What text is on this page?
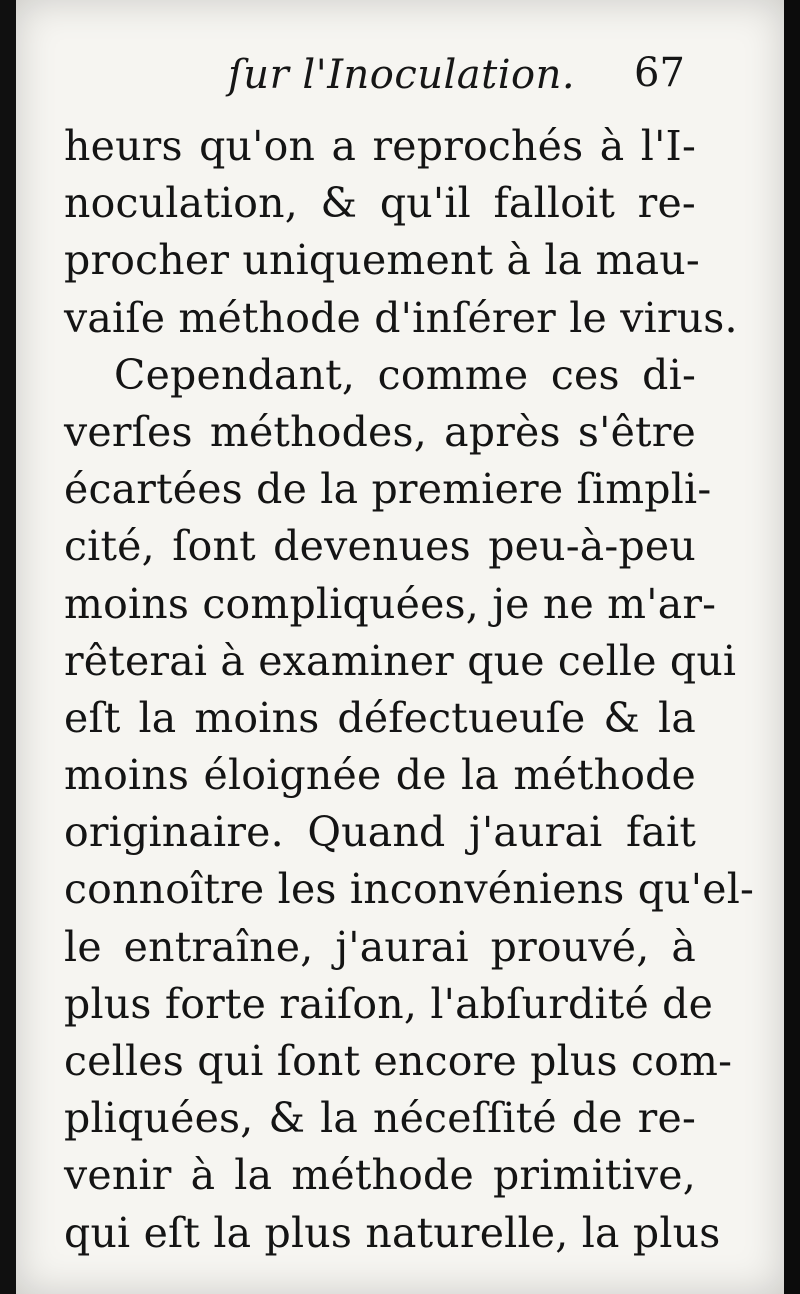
ſur l'Inoculation. 67
heurs qu'on a reprochés à l'I-
noculation, & qu'il falloit re-
procher uniquement à la mau-
vaiſe méthode d'inſérer le virus.
Cependant, comme ces di-
verſes méthodes, après s'être
écartées de la premiere ſimpli-
cité, ſont devenues peu-à-peu
moins compliquées, je ne m'ar-
rêterai à examiner que celle qui
eſt la moins défectueuſe & la
moins éloignée de la méthode
originaire. Quand j'aurai fait
connoître les inconvéniens qu'el-
le entraîne, j'aurai prouvé, à
plus forte raiſon, l'abſurdité de
celles qui ſont encore plus com-
pliquées, & la néceſſité de re-
venir à la méthode primitive,
qui eſt la plus naturelle, la plus
